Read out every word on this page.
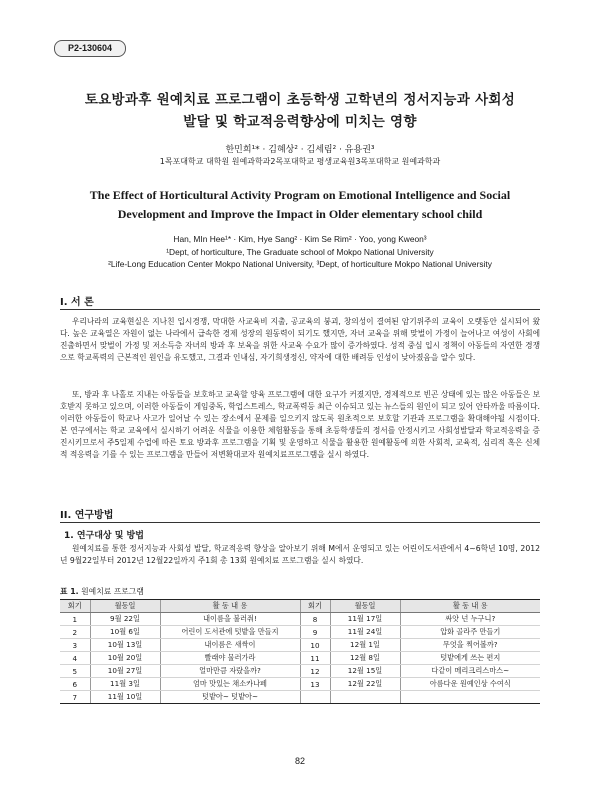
P2-130604
토요방과후 원예치료 프로그램이 초등학생 고학년의 정서지능과 사회성
발달 및 학교적응력향상에 미치는 영향
한민희¹* · 김혜상² · 김세림² · 유용권³
1목포대학교 대학원 원예과학과2목포대학교 평생교육원3목포대학교 원예과학과
The Effect of Horticultural Activity Program on Emotional Intelligence and Social
Development and Improve the Impact in Older elementary school child
Han, MIn Hee¹* · Kim, Hye Sang² · Kim Se Rim² · Yoo, yong Kweon³
¹Dept, of horticulture, The Graduate school of Mokpo National University
²Life-Long Education Center Mokpo National University, ³Dept, of horticulture Mokpo National University
I. 서 론

우리나라의 교육현실은 지나친 입시경쟁, 막대한 사교육비 지출, 공교육의 붕괴, 창의성이 결여된 암기위주의 교육이 오랫동안 실시되어 왔다. 높은 교육열은 자원이 없는 나라에서 급속한 경제 성장의 원동력이 되기도 했지만, 자녀 교육을 위해 맞벌이 가정이 늘어나고 여성이 사회에 진출하면서 맞벌이 가정 및 저소득층 자녀의 방과 후 보육을 위한 사교육 수요가 많이 증가하였다. 성적 중심 입시 정책이 아동들의 자연한 경쟁으로 학교폭력의 근본적인 원인을 유도했고, 그결과 인내심, 자기희생정신, 약자에 대한 배려등 인성이 낮아졌음을 알수 있다.

또, 방과 후 나홀로 지내는 아동들을 보호하고 교육할 양육 프로그램에 대한 요구가 커졌지만, 경제적으로 빈곤 상태에 있는 많은 아동들은 보호받지 못하고 있으며, 이러한 아동들이 게임중독, 학업스트레스, 학교폭력등 최근 이슈되고 있는 뉴스들의 원인이 되고 있어 안타까울 따름이다. 이러한 아동들이 학교나 사고가 일어날 수 있는 장소에서 문제를 일으키지 않도록 원초적으로 보호할 기관과 프로그램을 확대해야될 시점이다. 본 연구에서는 학교 교육에서 실시하기 어려운 식물을 이용한 체험활동을 통해 초등학생들의 정서를 안정시키고 사회성발달과 학교적응력을 증진시키므로서 주5일제 수업에 따른 토요 방과후 프로그램을 기획 및 운영하고 식물을 활용한 원예활동에 의한 사회적, 교육적, 심리적 혹은 신체적 적응력을 기를 수 있는 프로그램을 만들어 저변확대코자 원예치료프로그램을 실시 하였다.

II. 연구방법
1. 연구대상 및 방법

원예치료를 통한 정서지능과 사회성 발달, 학교적응력 향상을 알아보기 위해 M에서 운영되고 있는 어린이도서관에서 4~6학년 10명, 2012년 9월22일부터 2012년 12월22일까지 주1회 총 13회 원예치료 프로그램을 실시 하였다.

표 1. 원예치료 프로그램
회기	월동일	활 동 내 용	회기	월동일	활 동 내 용
1	9월 22일	내이름을 불러줘!	8	11월 17일	싸앗 넌 누구니?
2	10월 6일	어린이 도서관에 텃밭을 만들지	9	11월 24일	압화 골라주 만들기
3	10월 13일	내이름은 새싹이	10	12월 1일	무엇을 찍어볼까?
4	10월 20일	빨래야 물러가라	11	12월 8일	텃밭에게 쓰는 편지
5	10월 27일	얼마만큼 자랐을까?	12	12월 15일	다같이 메리크리스마스~
6	11월 3일	엄마 맛있는 채소카나페	13	12월 22일	아름다운 원예인상 수여식
7	11월 10일	텃밭아~ 텃밭아~			
82
